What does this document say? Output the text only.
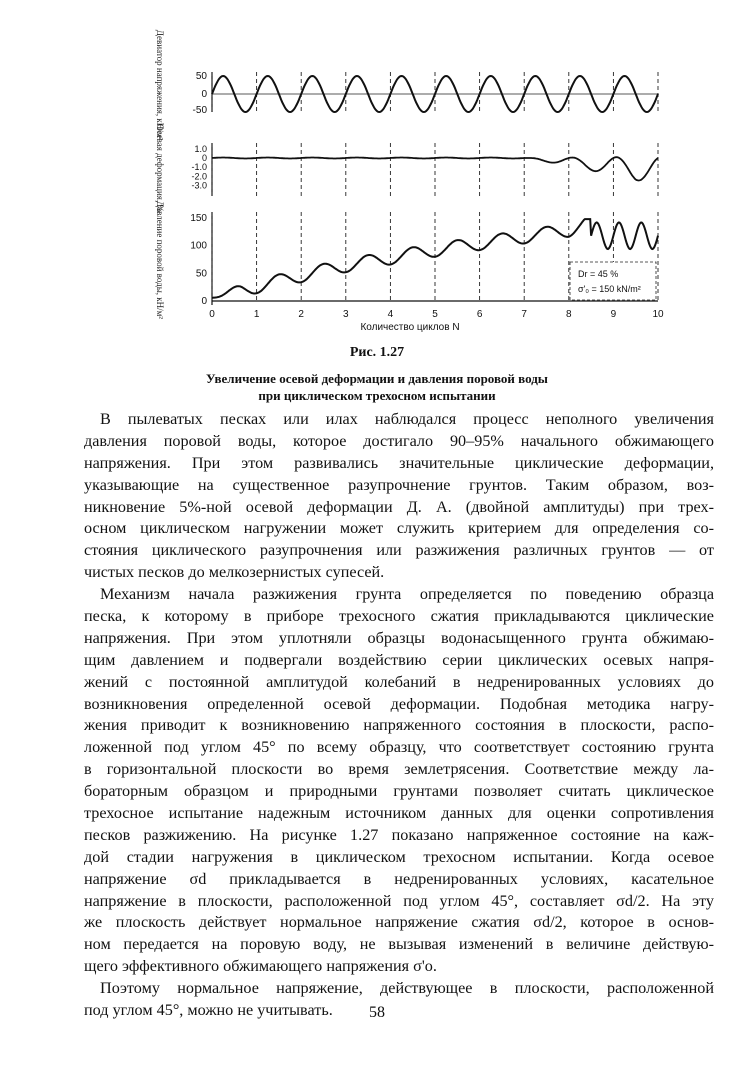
50
0
-50
1.0
0
-1.0
-2.0
-3.0
150
100
50
0
0	1	2	3	4	5	6	7	8	9	10
Количество циклов N
Dr = 45 %
σ'₀ = 150 kN/m²
Девиатор напряжения, кН/м²
Осевая деформация, %
Давление поровой воды, кН/м²
Рис. 1.27
Увеличение осевой деформации и давления поровой воды
при циклическом трехосном испытании
В пылеватых песках или илах наблюдался процесс неполного увеличения
давления поровой воды, которое достигало 90–95% начального обжимающего
напряжения. При этом развивались значительные циклические деформации,
указывающие на существенное разупрочнение грунтов. Таким образом, воз-
никновение 5%-ной осевой деформации Д. А. (двойной амплитуды) при трех-
осном циклическом нагружении может служить критерием для определения со-
стояния циклического разупрочнения или разжижения различных грунтов — от
чистых песков до мелкозернистых супесей.
Механизм начала разжижения грунта определяется по поведению образца
песка, к которому в приборе трехосного сжатия прикладываются циклические
напряжения. При этом уплотняли образцы водонасыщенного грунта обжимаю-
щим давлением и подвергали воздействию серии циклических осевых напря-
жений с постоянной амплитудой колебаний в недренированных условиях до
возникновения определенной осевой деформации. Подобная методика нагру-
жения приводит к возникновению напряженного состояния в плоскости, распо-
ложенной под углом 45° по всему образцу, что соответствует состоянию грунта
в горизонтальной плоскости во время землетрясения. Соответствие между ла-
бораторным образцом и природными грунтами позволяет считать циклическое
трехосное испытание надежным источником данных для оценки сопротивления
песков разжижению. На рисунке 1.27 показано напряженное состояние на каж-
дой стадии нагружения в циклическом трехосном испытании. Когда осевое
напряжение σd прикладывается в недренированных условиях, касательное
напряжение в плоскости, расположенной под углом 45°, составляет σd/2. На эту
же плоскость действует нормальное напряжение сжатия σd/2, которое в основ-
ном передается на поровую воду, не вызывая изменений в величине действую-
щего эффективного обжимающего напряжения σ'o.
Поэтому нормальное напряжение, действующее в плоскости, расположенной
под углом 45°, можно не учитывать.	58
